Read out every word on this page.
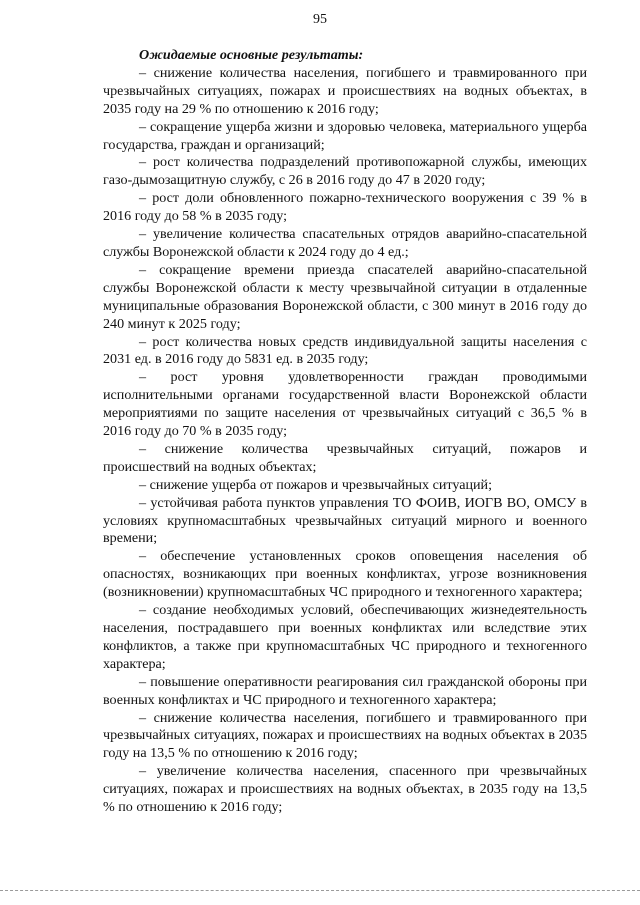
95

Ожидаемые основные результаты:

– снижение количества населения, погибшего и травмированного при чрезвычайных ситуациях, пожарах и происшествиях на водных объектах, в 2035 году на 29 % по отношению к 2016 году;

– сокращение ущерба жизни и здоровью человека, материального ущерба государства, граждан и организаций;

– рост количества подразделений противопожарной службы, имеющих газо-дымозащитную службу, с 26 в 2016 году до 47 в 2020 году;

– рост доли обновленного пожарно-технического вооружения с 39 % в 2016 году до 58 % в 2035 году;

– увеличение количества спасательных отрядов аварийно-спасательной службы Воронежской области к 2024 году до 4 ед.;

– сокращение времени приезда спасателей аварийно-спасательной службы Воронежской области к месту чрезвычайной ситуации в отдаленные муниципальные образования Воронежской области, с 300 минут в 2016 году до 240 минут к 2025 году;

– рост количества новых средств индивидуальной защиты населения с 2031 ед. в 2016 году до 5831 ед. в 2035 году;

– рост уровня удовлетворенности граждан проводимыми исполнительными органами государственной власти Воронежской области мероприятиями по защите населения от чрезвычайных ситуаций с 36,5 % в 2016 году до 70 % в 2035 году;

– снижение количества чрезвычайных ситуаций, пожаров и происшествий на водных объектах;

– снижение ущерба от пожаров и чрезвычайных ситуаций;

– устойчивая работа пунктов управления ТО ФОИВ, ИОГВ ВО, ОМСУ в условиях крупномасштабных чрезвычайных ситуаций мирного и военного времени;

– обеспечение установленных сроков оповещения населения об опасностях, возникающих при военных конфликтах, угрозе возникновения (возникновении) крупномасштабных ЧС природного и техногенного характера;

– создание необходимых условий, обеспечивающих жизнедеятельность населения, пострадавшего при военных конфликтах или вследствие этих конфликтов, а также при крупномасштабных ЧС природного и техногенного характера;

– повышение оперативности реагирования сил гражданской обороны при военных конфликтах и ЧС природного и техногенного характера;

– снижение количества населения, погибшего и травмированного при чрезвычайных ситуациях, пожарах и происшествиях на водных объектах в 2035 году на 13,5 % по отношению к 2016 году;

– увеличение количества населения, спасенного при чрезвычайных ситуациях, пожарах и происшествиях на водных объектах, в 2035 году на 13,5 % по отношению к 2016 году;
